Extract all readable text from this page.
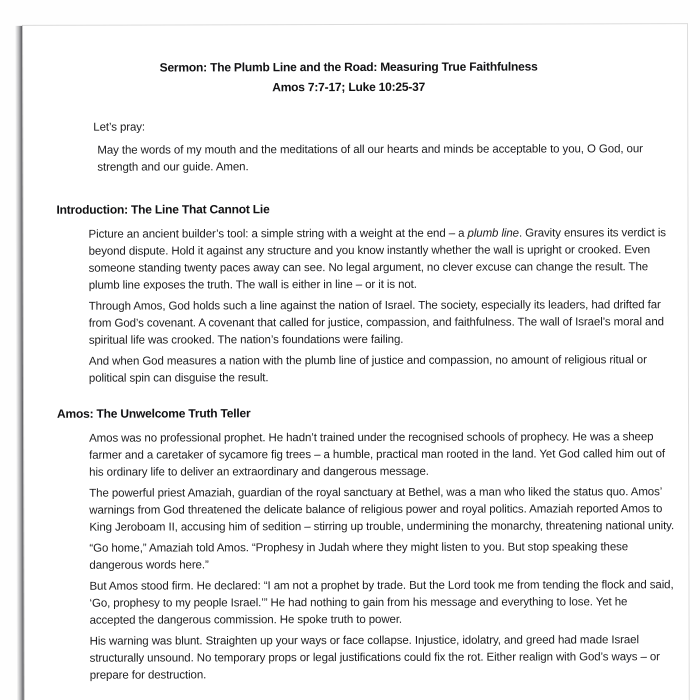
Sermon: The Plumb Line and the Road: Measuring True Faithfulness
Amos 7:7-17; Luke 10:25-37

Let’s pray:

May the words of my mouth and the meditations of all our hearts and minds be acceptable to you, O God, our strength and our guide. Amen.

Introduction: The Line That Cannot Lie

Picture an ancient builder’s tool: a simple string with a weight at the end – a plumb line. Gravity ensures its verdict is beyond dispute. Hold it against any structure and you know instantly whether the wall is upright or crooked. Even someone standing twenty paces away can see. No legal argument, no clever excuse can change the result. The plumb line exposes the truth. The wall is either in line – or it is not.

Through Amos, God holds such a line against the nation of Israel. The society, especially its leaders, had drifted far from God’s covenant. A covenant that called for justice, compassion, and faithfulness. The wall of Israel’s moral and spiritual life was crooked. The nation’s foundations were failing.

And when God measures a nation with the plumb line of justice and compassion, no amount of religious ritual or political spin can disguise the result.

Amos: The Unwelcome Truth Teller

Amos was no professional prophet. He hadn’t trained under the recognised schools of prophecy. He was a sheep farmer and a caretaker of sycamore fig trees – a humble, practical man rooted in the land. Yet God called him out of his ordinary life to deliver an extraordinary and dangerous message.

The powerful priest Amaziah, guardian of the royal sanctuary at Bethel, was a man who liked the status quo. Amos’ warnings from God threatened the delicate balance of religious power and royal politics. Amaziah reported Amos to King Jeroboam II, accusing him of sedition – stirring up trouble, undermining the monarchy, threatening national unity.

“Go home,” Amaziah told Amos. “Prophesy in Judah where they might listen to you. But stop speaking these dangerous words here.”

But Amos stood firm. He declared: “I am not a prophet by trade. But the Lord took me from tending the flock and said, ‘Go, prophesy to my people Israel.’” He had nothing to gain from his message and everything to lose. Yet he accepted the dangerous commission. He spoke truth to power.

His warning was blunt. Straighten up your ways or face collapse. Injustice, idolatry, and greed had made Israel structurally unsound. No temporary props or legal justifications could fix the rot. Either realign with God’s ways – or prepare for destruction.
